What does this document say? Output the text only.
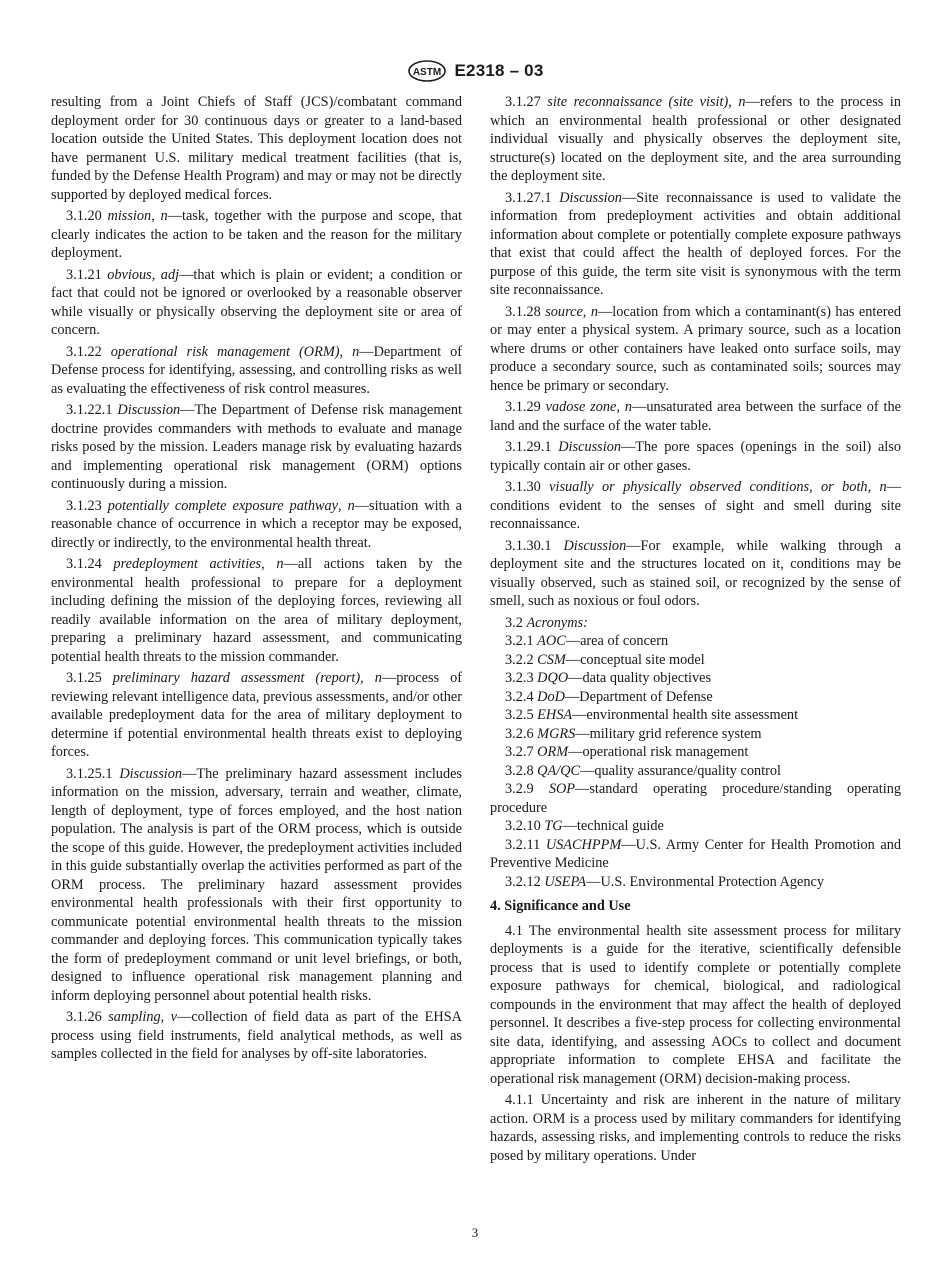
ASTM E2318 – 03

resulting from a Joint Chiefs of Staff (JCS)/combatant command deployment order for 30 continuous days or greater to a land-based location outside the United States. This deployment location does not have permanent U.S. military medical treatment facilities (that is, funded by the Defense Health Program) and may or may not be directly supported by deployed medical forces.

3.1.20 mission, n—task, together with the purpose and scope, that clearly indicates the action to be taken and the reason for the military deployment.

3.1.21 obvious, adj—that which is plain or evident; a condition or fact that could not be ignored or overlooked by a reasonable observer while visually or physically observing the deployment site or area of concern.

3.1.22 operational risk management (ORM), n—Department of Defense process for identifying, assessing, and controlling risks as well as evaluating the effectiveness of risk control measures.

3.1.22.1 Discussion—The Department of Defense risk management doctrine provides commanders with methods to evaluate and manage risks posed by the mission. Leaders manage risk by evaluating hazards and implementing operational risk management (ORM) options continuously during a mission.

3.1.23 potentially complete exposure pathway, n—situation with a reasonable chance of occurrence in which a receptor may be exposed, directly or indirectly, to the environmental health threat.

3.1.24 predeployment activities, n—all actions taken by the environmental health professional to prepare for a deployment including defining the mission of the deploying forces, reviewing all readily available information on the area of military deployment, preparing a preliminary hazard assessment, and communicating potential health threats to the mission commander.

3.1.25 preliminary hazard assessment (report), n—process of reviewing relevant intelligence data, previous assessments, and/or other available predeployment data for the area of military deployment to determine if potential environmental health threats exist to deploying forces.

3.1.25.1 Discussion—The preliminary hazard assessment includes information on the mission, adversary, terrain and weather, climate, length of deployment, type of forces employed, and the host nation population. The analysis is part of the ORM process, which is outside the scope of this guide. However, the predeployment activities included in this guide substantially overlap the activities performed as part of the ORM process. The preliminary hazard assessment provides environmental health professionals with their first opportunity to communicate potential environmental health threats to the mission commander and deploying forces. This communication typically takes the form of predeployment command or unit level briefings, or both, designed to influence operational risk management planning and inform deploying personnel about potential health risks.

3.1.26 sampling, v—collection of field data as part of the EHSA process using field instruments, field analytical methods, as well as samples collected in the field for analyses by off-site laboratories.

3.1.27 site reconnaissance (site visit), n—refers to the process in which an environmental health professional or other designated individual visually and physically observes the deployment site, structure(s) located on the deployment site, and the area surrounding the deployment site.

3.1.27.1 Discussion—Site reconnaissance is used to validate the information from predeployment activities and obtain additional information about complete or potentially complete exposure pathways that exist that could affect the health of deployed forces. For the purpose of this guide, the term site visit is synonymous with the term site reconnaissance.

3.1.28 source, n—location from which a contaminant(s) has entered or may enter a physical system. A primary source, such as a location where drums or other containers have leaked onto surface soils, may produce a secondary source, such as contaminated soils; sources may hence be primary or secondary.

3.1.29 vadose zone, n—unsaturated area between the surface of the land and the surface of the water table.

3.1.29.1 Discussion—The pore spaces (openings in the soil) also typically contain air or other gases.

3.1.30 visually or physically observed conditions, or both, n—conditions evident to the senses of sight and smell during site reconnaissance.

3.1.30.1 Discussion—For example, while walking through a deployment site and the structures located on it, conditions may be visually observed, such as stained soil, or recognized by the sense of smell, such as noxious or foul odors.

3.2 Acronyms:

3.2.1 AOC—area of concern

3.2.2 CSM—conceptual site model

3.2.3 DQO—data quality objectives

3.2.4 DoD—Department of Defense

3.2.5 EHSA—environmental health site assessment

3.2.6 MGRS—military grid reference system

3.2.7 ORM—operational risk management

3.2.8 QA/QC—quality assurance/quality control

3.2.9 SOP—standard operating procedure/standing operating procedure

3.2.10 TG—technical guide

3.2.11 USACHPPM—U.S. Army Center for Health Promotion and Preventive Medicine

3.2.12 USEPA—U.S. Environmental Protection Agency

4. Significance and Use

4.1 The environmental health site assessment process for military deployments is a guide for the iterative, scientifically defensible process that is used to identify complete or potentially complete exposure pathways for chemical, biological, and radiological compounds in the environment that may affect the health of deployed personnel. It describes a five-step process for collecting environmental site data, identifying, and assessing AOCs to collect and document appropriate information to complete EHSA and facilitate the operational risk management (ORM) decision-making process.

4.1.1 Uncertainty and risk are inherent in the nature of military action. ORM is a process used by military commanders for identifying hazards, assessing risks, and implementing controls to reduce the risks posed by military operations. Under

3
